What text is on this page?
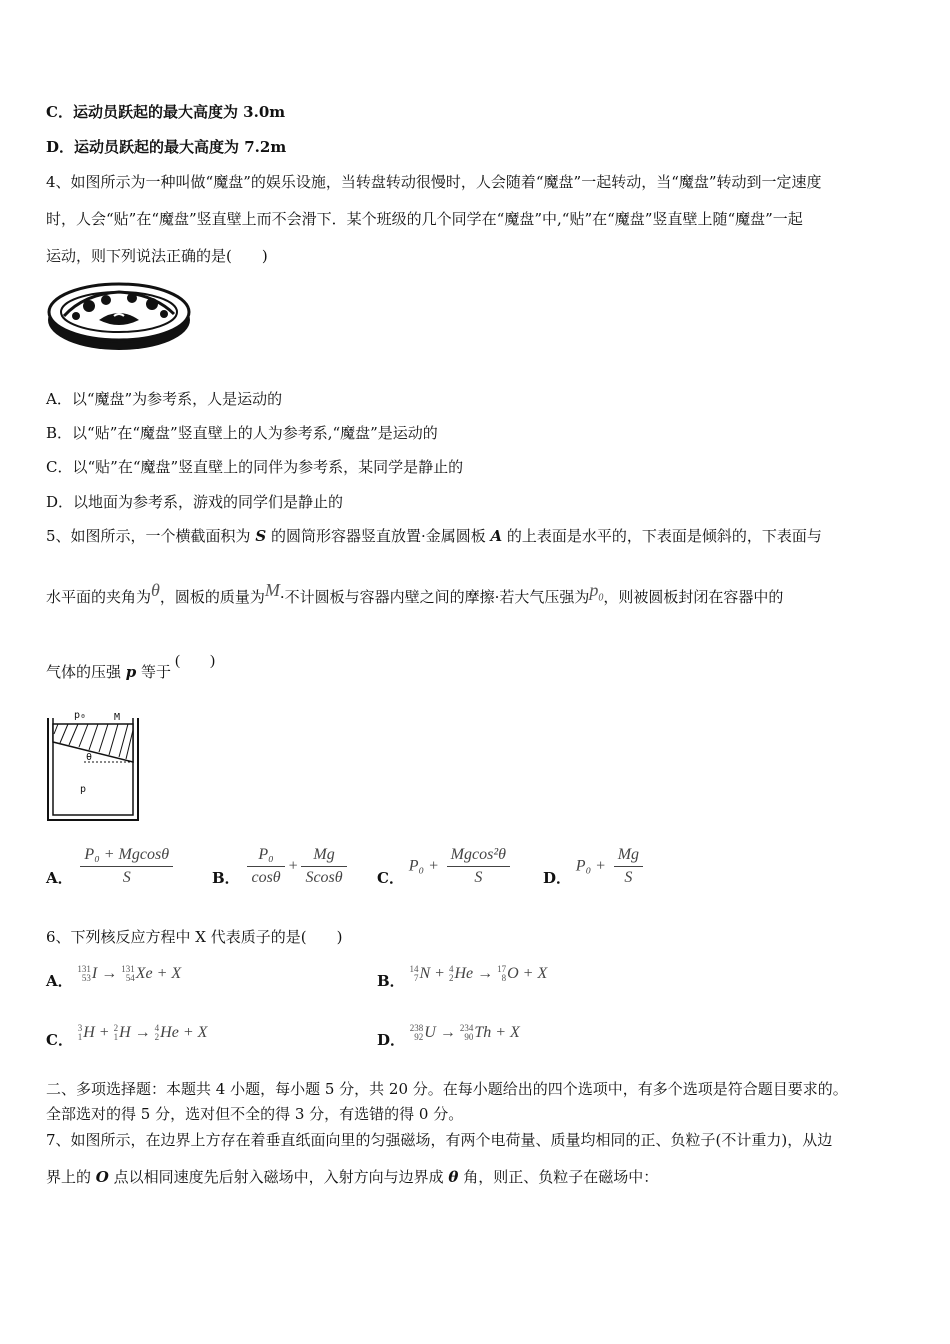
C．运动员跃起的最大高度为 3.0m
D．运动员跃起的最大高度为 7.2m
4、如图所示为一种叫做“魔盘”的娱乐设施，当转盘转动很慢时，人会随着“魔盘”一起转动，当“魔盘”转动到一定速度
时，人会“贴”在“魔盘”竖直壁上而不会滑下．某个班级的几个同学在“魔盘”中,“贴”在“魔盘”竖直壁上随“魔盘”一起
运动，则下列说法正确的是(　　)
A．以“魔盘”为参考系，人是运动的
B．以“贴”在“魔盘”竖直壁上的人为参考系,“魔盘”是运动的
C．以“贴”在“魔盘”竖直壁上的同伴为参考系，某同学是静止的
D．以地面为参考系，游戏的同学们是静止的
5、如图所示，一个横截面积为 S 的圆筒形容器竖直放置·金属圆板 A 的上表面是水平的，下表面是倾斜的，下表面与
水平面的夹角为θ，圆板的质量为M·不计圆板与容器内壁之间的摩擦·若大气压强为$p_0$，则被圆板封闭在容器中的
气体的压强 p 等于(　　)
p₀	M
θ
p
A． $\frac{\text{P₀ + Mgcosθ}}{S}$	B． $\frac{\text{P₀}}{\cos\theta} + \frac{Mg}{Scos\theta}$ C． $P_0 + \frac{\text{Mgcos²θ}}{S}$ D． $P_0 + \frac{Mg}{S}$
6、下列核反应方程中 X 代表质子的是(　　)
A．
131
53 I → 131
54 Xe + X	B．
14
7 N + 4
2 He → 17
8 O + X
C．
3
1 H + 2
1 H → 4
2 He + X	D．
238
92 U → 234
90 Th + X
二、多项选择题：本题共 4 小题，每小题 5 分，共 20 分。在每小题给出的四个选项中，有多个选项是符合题目要求的。
全部选对的得 5 分，选对但不全的得 3 分，有选错的得 0 分。
7、如图所示，在边界上方存在着垂直纸面向里的匀强磁场，有两个电荷量、质量均相同的正、负粒子(不计重力)，从边
界上的 O 点以相同速度先后射入磁场中，入射方向与边界成 θ 角，则正、负粒子在磁场中：
